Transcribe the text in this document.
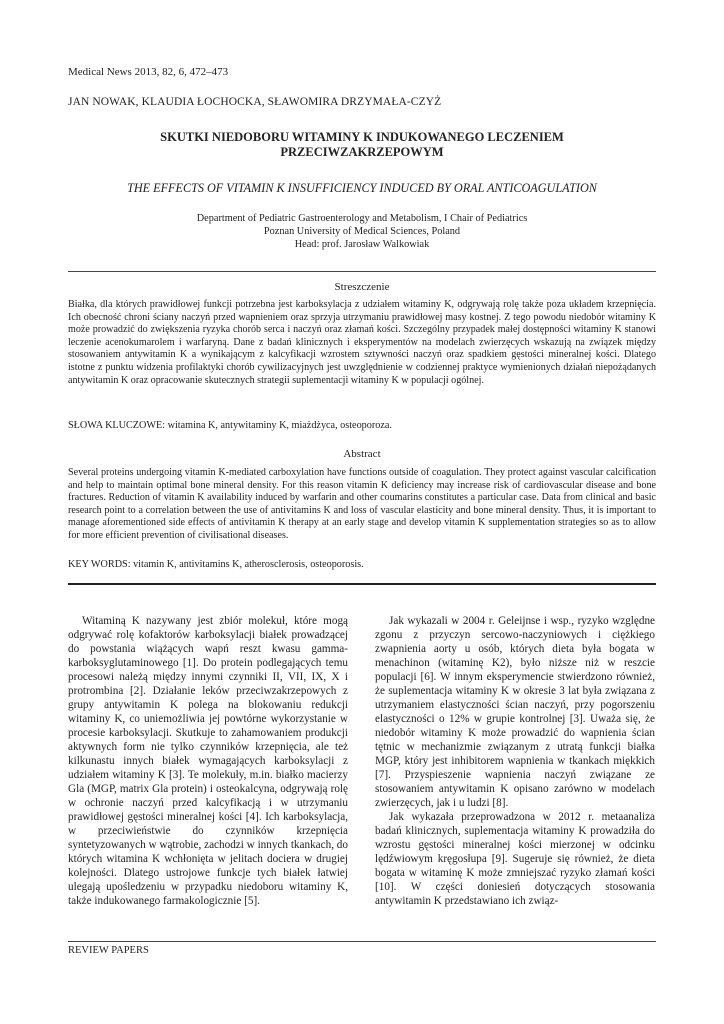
Medical News 2013, 82, 6, 472–473
JAN NOWAK, KLAUDIA ŁOCHOCKA, SŁAWOMIRA DRZYMAŁA-CZYŻ
SKUTKI NIEDOBORU WITAMINY K INDUKOWANEGO LECZENIEM
PRZECIWZAKRZEPOWYM
THE EFFECTS OF VITAMIN K INSUFFICIENCY INDUCED BY ORAL ANTICOAGULATION
Department of Pediatric Gastroenterology and Metabolism, I Chair of Pediatrics
Poznan University of Medical Sciences, Poland
Head: prof. Jarosław Walkowiak
Streszczenie
Białka, dla których prawidłowej funkcji potrzebna jest karboksylacja z udziałem witaminy K, odgrywają rolę także poza układem krzepnięcia. Ich obecność chroni ściany naczyń przed wapnieniem oraz sprzyja utrzymaniu prawidłowej masy kostnej. Z tego powodu niedobór witaminy K może prowadzić do zwiększenia ryzyka chorób serca i naczyń oraz złamań kości. Szczególny przypadek małej dostępności witaminy K stanowi leczenie acenokumarolem i warfaryną. Dane z badań klinicznych i eksperymentów na modelach zwierzęcych wskazują na związek między stosowaniem antywitamin K a wynikającym z kalcyfikacji wzrostem sztywności naczyń oraz spadkiem gęstości mineralnej kości. Dlatego istotne z punktu widzenia profilaktyki chorób cywilizacyjnych jest uwzględnienie w codziennej praktyce wymienionych działań niepożądanych antywitamin K oraz opracowanie skutecznych strategii suplementacji witaminy K w populacji ogólnej.
SŁOWA KLUCZOWE: witamina K, antywitaminy K, miażdżyca, osteoporoza.
Abstract
Several proteins undergoing vitamin K-mediated carboxylation have functions outside of coagulation. They protect against vascular calcification and help to maintain optimal bone mineral density. For this reason vitamin K deficiency may increase risk of cardiovascular disease and bone fractures. Reduction of vitamin K availability induced by warfarin and other coumarins constitutes a particular case. Data from clinical and basic research point to a correlation between the use of antivitamins K and loss of vascular elasticity and bone mineral density. Thus, it is important to manage aforementioned side effects of antivitamin K therapy at an early stage and develop vitamin K supplementation strategies so as to allow for more efficient prevention of civilisational diseases.
KEY WORDS: vitamin K, antivitamins K, atherosclerosis, osteoporosis.

Witaminą K nazywany jest zbiór molekuł, które mogą odgrywać rolę kofaktorów karboksylacji białek prowadzącej do powstania wiążących wapń reszt kwasu gamma-karboksyglutaminowego [1]. Do protein podlegających temu procesowi należą między innymi czynniki II, VII, IX, X i protrombina [2]. Działanie leków przeciwzakrzepowych z grupy antywitamin K polega na blokowaniu redukcji witaminy K, co uniemożliwia jej powtórne wykorzystanie w procesie karboksylacji. Skutkuje to zahamowaniem produkcji aktywnych form nie tylko czynników krzepnięcia, ale też kilkunastu innych białek wymagających karboksylacji z udziałem witaminy K [3]. Te molekuły, m.in. białko macierzy Gla (MGP, matrix Gla protein) i osteokalcyna, odgrywają rolę w ochronie naczyń przed kalcyfikacją i w utrzymaniu prawidłowej gęstości mineralnej kości [4]. Ich karboksylacja, w przeciwieństwie do czynników krzepnięcia syntetyzowanych w wątrobie, zachodzi w innych tkankach, do których witamina K wchłonięta w jelitach dociera w drugiej kolejności. Dlatego ustrojowe funkcje tych białek łatwiej ulegają upośledzeniu w przypadku niedoboru witaminy K, także indukowanego farmakologicznie [5].

Jak wykazali w 2004 r. Geleijnse i wsp., ryzyko względne zgonu z przyczyn sercowo-naczyniowych i ciężkiego zwapnienia aorty u osób, których dieta była bogata w menachinon (witaminę K2), było niższe niż w reszcie populacji [6]. W innym eksperymencie stwierdzono również, że suplementacja witaminy K w okresie 3 lat była związana z utrzymaniem elastyczności ścian naczyń, przy pogorszeniu elastyczności o 12% w grupie kontrolnej [3]. Uważa się, że niedobór witaminy K może prowadzić do wapnienia ścian tętnic w mechanizmie związanym z utratą funkcji białka MGP, który jest inhibitorem wapnienia w tkankach miękkich [7]. Przyspieszenie wapnienia naczyń związane ze stosowaniem antywitamin K opisano zarówno w modelach zwierzęcych, jak i u ludzi [8].

Jak wykazała przeprowadzona w 2012 r. metaanaliza badań klinicznych, suplementacja witaminy K prowadziła do wzrostu gęstości mineralnej kości mierzonej w odcinku lędźwiowym kręgosłupa [9]. Sugeruje się również, że dieta bogata w witaminę K może zmniejszać ryzyko złamań kości [10]. W części doniesień dotyczących stosowania antywitamin K przedstawiano ich związ-

REVIEW PAPERS
